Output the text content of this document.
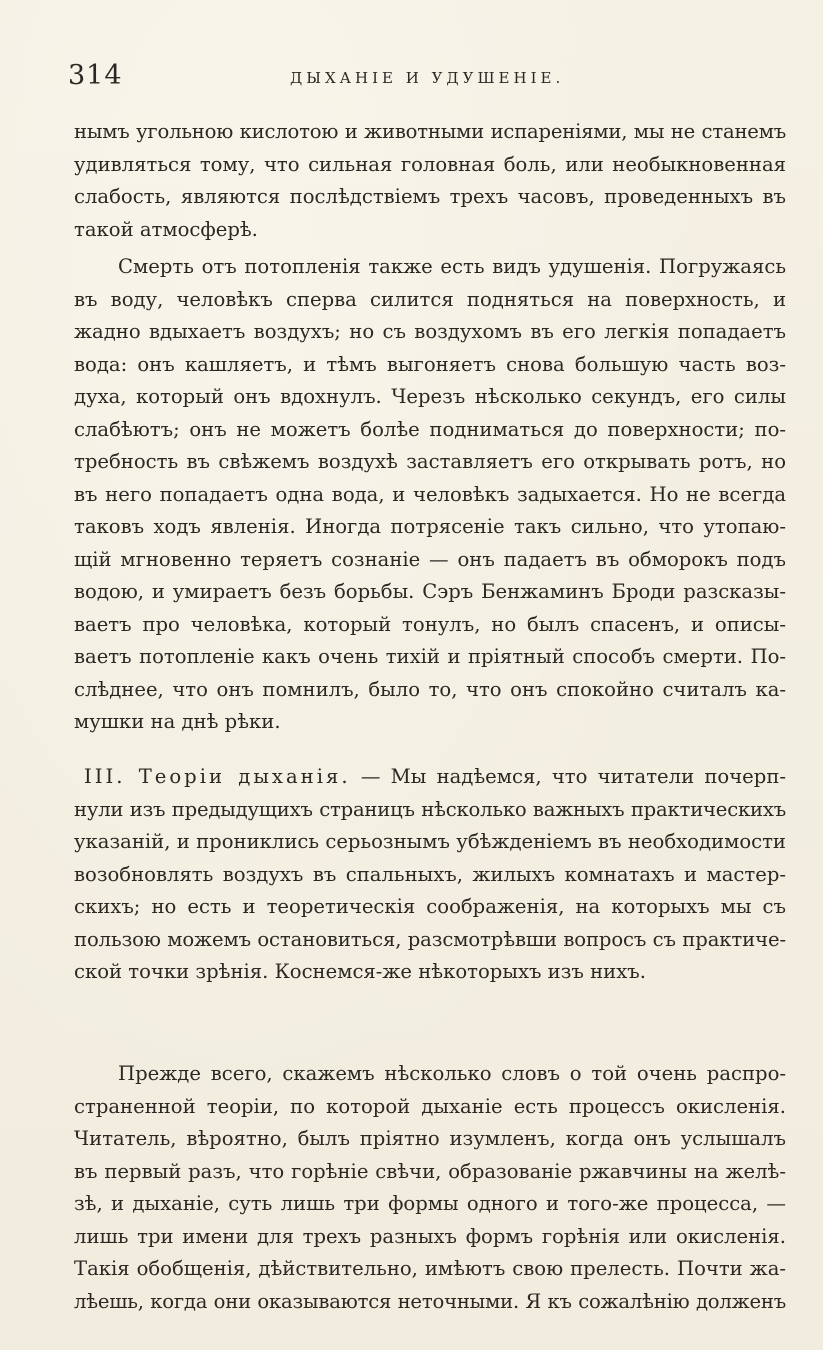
314	ДЫХАНIЕ И УДУШЕНIЕ.
нымъ угольною кислотою и животными испаренiями, мы не станемъ
удивляться тому, что сильная головная боль, или необыкновенная
слабость, являются послѣдствiемъ трехъ часовъ, проведенныхъ въ
такой атмосферѣ.
Смерть отъ потопленiя также есть видъ удушенiя. Погружаясь
въ воду, человѣкъ сперва силится подняться на поверхность, и
жадно вдыхаетъ воздухъ; но съ воздухомъ въ его легкiя попадаетъ
вода: онъ кашляетъ, и тѣмъ выгоняетъ снова большую часть воз-
духа, который онъ вдохнулъ. Черезъ нѣсколько секундъ, его силы
слабѣютъ; онъ не можетъ болѣе подниматься до поверхности; по-
требность въ свѣжемъ воздухѣ заставляетъ его открывать ротъ, но
въ него попадаетъ одна вода, и человѣкъ задыхается. Но не всегда
таковъ ходъ явленiя. Иногда потрясенiе такъ сильно, что утопаю-
щiй мгновенно теряетъ сознанiе — онъ падаетъ въ обморокъ подъ
водою, и умираетъ безъ борьбы. Сэръ Бенжаминъ Броди разсказы-
ваетъ про человѣка, который тонулъ, но былъ спасенъ, и описы-
ваетъ потопленiе какъ очень тихiй и прiятный способъ смерти. По-
слѣднее, что онъ помнилъ, было то, что онъ спокойно считалъ ка-
мушки на днѣ рѣки.
III. Теорiи дыханiя. — Мы надѣемся, что читатели почерп-
нули изъ предыдущихъ страницъ нѣсколько важныхъ практическихъ
указанiй, и прониклись серьознымъ убѣжденiемъ въ необходимости
возобновлять воздухъ въ спальныхъ, жилыхъ комнатахъ и мастер-
скихъ; но есть и теоретическiя соображенiя, на которыхъ мы съ
пользою можемъ остановиться, разсмотрѣвши вопросъ съ практиче-
ской точки зрѣнiя. Коснемся-же нѣкоторыхъ изъ нихъ.
Прежде всего, скажемъ нѣсколько словъ о той очень распро-
страненной теорiи, по которой дыханiе есть процессъ окисленiя.
Читатель, вѣроятно, былъ прiятно изумленъ, когда онъ услышалъ
въ первый разъ, что горѣнiе свѣчи, образованiе ржавчины на желѣ-
зѣ, и дыханiе, суть лишь три формы одного и того-же процесса, —
лишь три имени для трехъ разныхъ формъ горѣнiя или окисленiя.
Такiя обобщенiя, дѣйствительно, имѣютъ свою прелесть. Почти жа-
лѣешь, когда они оказываются неточными. Я къ сожалѣнiю долженъ
